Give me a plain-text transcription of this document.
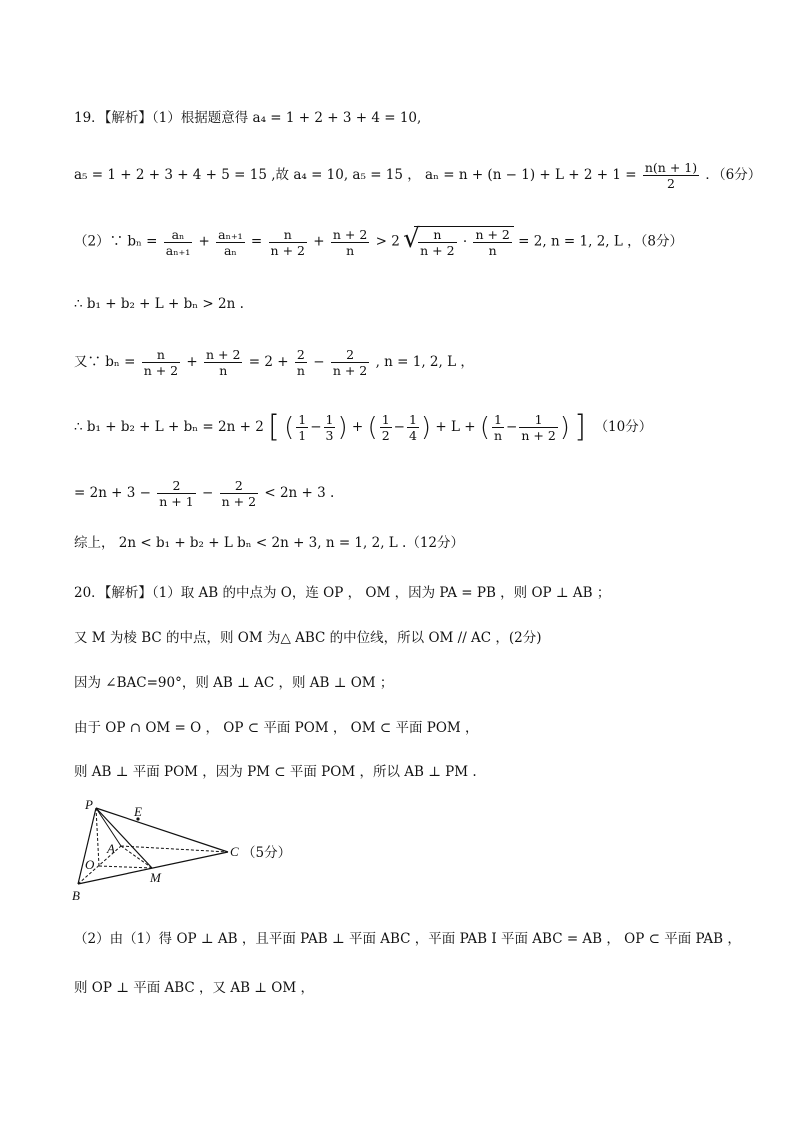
19．【解析】（1）根据题意得 a₄ = 1 + 2 + 3 + 4 = 10,
a₅ = 1 + 2 + 3 + 4 + 5 = 15 ,故 a₄ = 10, a₅ = 15 ， $a_n = n + (n - 1) + L + 2 + 1 = \frac{n(n + 1)}{2}$ ．（6分）
（2）∵ $b_n = \frac{\text{aₙ}}{\text{aₙ₊₁}} + \frac{\text{aₙ₊₁}}{\text{aₙ}} = \frac{n}{n + 2} + \frac{n + 2}{n} > 2$
√ $\frac{n}{n + 2} \cdot \frac{n + 2}{n} = 2$, n = 1, 2, L ，（8分）
∴ b₁ + b₂ + L + bₙ > 2n .
又∵ $b_n = \frac{n}{n + 2} + \frac{n + 2}{n} = 2 + \frac{2}{n} - \frac{2}{n + 2}$ , n = 1, 2, L ，
∴ b₁ + b₂ + L + bₙ = 2n + 2 [ ( $\frac{1}{1} - \frac{1}{3}$ ) + ( $\frac{1}{2} - \frac{1}{4}$ ) + L + ( $\frac{1}{n} - \frac{1}{n + 2}$ ) ] （10分）
= $2n + 3 - \frac{2}{n + 1} - \frac{2}{n + 2} < 2n + 3$ .
综上， 2n < b₁ + b₂ + L bₙ < 2n + 3, n = 1, 2, L .（12分）
20．【解析】（1）取 AB 的中点为 O，连 OP ， OM ，因为 PA = PB ，则 OP ⊥ AB ；
又 M 为棱 BC 的中点，则 OM 为△ ABC 的中位线，所以 OM // AC ，(2分)
因为 ∠BAC=90°，则 AB ⊥ AC ，则 AB ⊥ OM ；
由于 OP ∩ OM = O ， OP ⊂ 平面 POM ， OM ⊂ 平面 POM ，
则 AB ⊥ 平面 POM ，因为 PM ⊂ 平面 POM ，所以 AB ⊥ PM .
P	E
A
O
C
M
B
（5分）
（2）由（1）得 OP ⊥ AB ，且平面 PAB ⊥ 平面 ABC ，平面 PAB I 平面 ABC = AB ， OP ⊂ 平面 PAB ，
则 OP ⊥ 平面 ABC ，又 AB ⊥ OM ，
